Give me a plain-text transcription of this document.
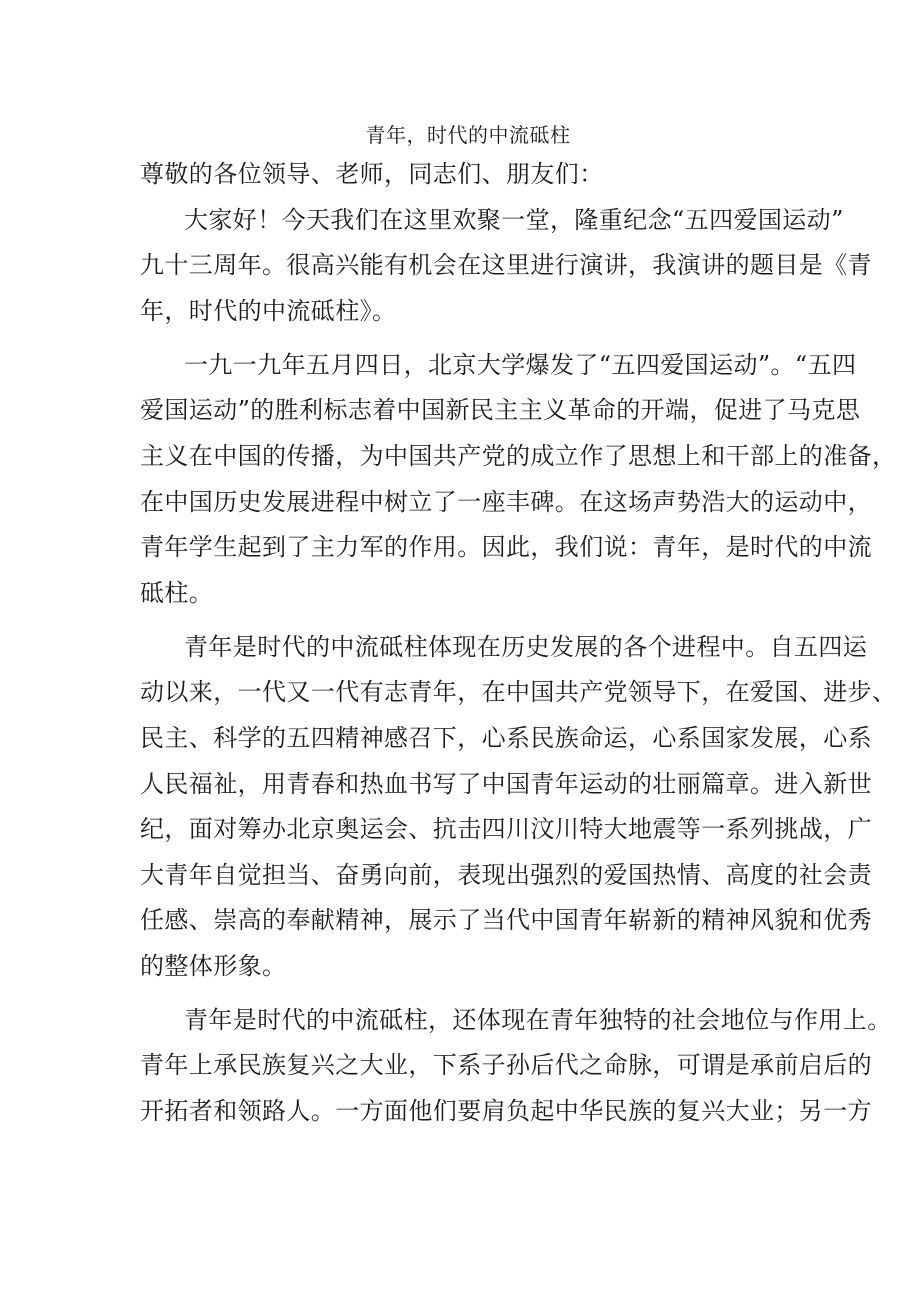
青年，时代的中流砥柱
尊敬的各位领导、老师，同志们、朋友们：
大家好！今天我们在这里欢聚一堂，隆重纪念“五四爱国运动”
九十三周年。很高兴能有机会在这里进行演讲，我演讲的题目是《青
年，时代的中流砥柱》。
一九一九年五月四日，北京大学爆发了“五四爱国运动”。“五四
爱国运动”的胜利标志着中国新民主主义革命的开端，促进了马克思
主义在中国的传播，为中国共产党的成立作了思想上和干部上的准备，
在中国历史发展进程中树立了一座丰碑。在这场声势浩大的运动中，
青年学生起到了主力军的作用。因此，我们说：青年，是时代的中流
砥柱。
青年是时代的中流砥柱体现在历史发展的各个进程中。自五四运
动以来，一代又一代有志青年，在中国共产党领导下，在爱国、进步、
民主、科学的五四精神感召下，心系民族命运，心系国家发展，心系
人民福祉，用青春和热血书写了中国青年运动的壮丽篇章。进入新世
纪，面对筹办北京奥运会、抗击四川汶川特大地震等一系列挑战，广
大青年自觉担当、奋勇向前，表现出强烈的爱国热情、高度的社会责
任感、崇高的奉献精神，展示了当代中国青年崭新的精神风貌和优秀
的整体形象。
青年是时代的中流砥柱，还体现在青年独特的社会地位与作用上。
青年上承民族复兴之大业，下系子孙后代之命脉，可谓是承前启后的
开拓者和领路人。一方面他们要肩负起中华民族的复兴大业；另一方
